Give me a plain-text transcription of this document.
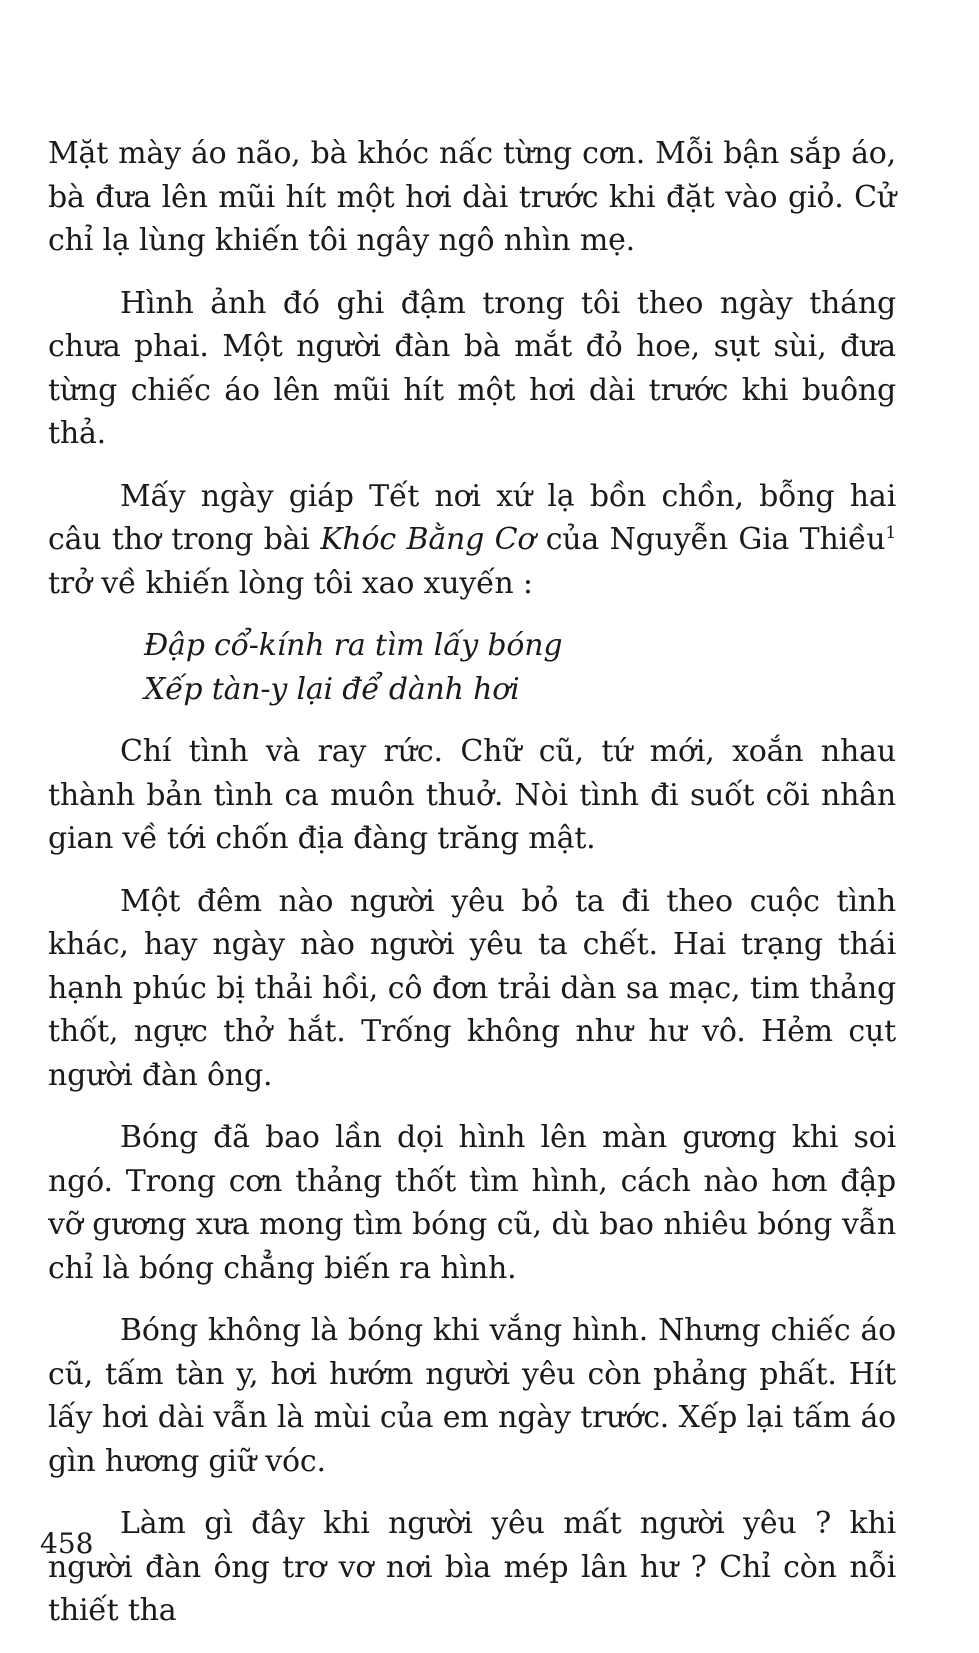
Mặt mày áo não, bà khóc nấc từng cơn. Mỗi bận sắp áo, bà đưa lên mũi hít một hơi dài trước khi đặt vào giỏ. Cử chỉ lạ lùng khiến tôi ngây ngô nhìn mẹ.

Hình ảnh đó ghi đậm trong tôi theo ngày tháng chưa phai. Một người đàn bà mắt đỏ hoe, sụt sùi, đưa từng chiếc áo lên mũi hít một hơi dài trước khi buông thả.

Mấy ngày giáp Tết nơi xứ lạ bồn chồn, bỗng hai câu thơ trong bài Khóc Bằng Cơ của Nguyễn Gia Thiều$^1$ trở về khiến lòng tôi xao xuyến :

Đập cổ-kính ra tìm lấy bóng
Xếp tàn-y lại để dành hơi

Chí tình và ray rức. Chữ cũ, tứ mới, xoắn nhau thành bản tình ca muôn thuở. Nòi tình đi suốt cõi nhân gian về tới chốn địa đàng trăng mật.

Một đêm nào người yêu bỏ ta đi theo cuộc tình khác, hay ngày nào người yêu ta chết. Hai trạng thái hạnh phúc bị thải hồi, cô đơn trải dàn sa mạc, tim thảng thốt, ngực thở hắt. Trống không như hư vô. Hẻm cụt người đàn ông.

Bóng đã bao lần dọi hình lên màn gương khi soi ngó. Trong cơn thảng thốt tìm hình, cách nào hơn đập vỡ gương xưa mong tìm bóng cũ, dù bao nhiêu bóng vẫn chỉ là bóng chẳng biến ra hình.

Bóng không là bóng khi vắng hình. Nhưng chiếc áo cũ, tấm tàn y, hơi hướm người yêu còn phảng phất. Hít lấy hơi dài vẫn là mùi của em ngày trước. Xếp lại tấm áo gìn hương giữ vóc.

Làm gì đây khi người yêu mất người yêu ? khi người đàn ông trơ vơ nơi bìa mép lân hư ? Chỉ còn nỗi thiết tha

458
